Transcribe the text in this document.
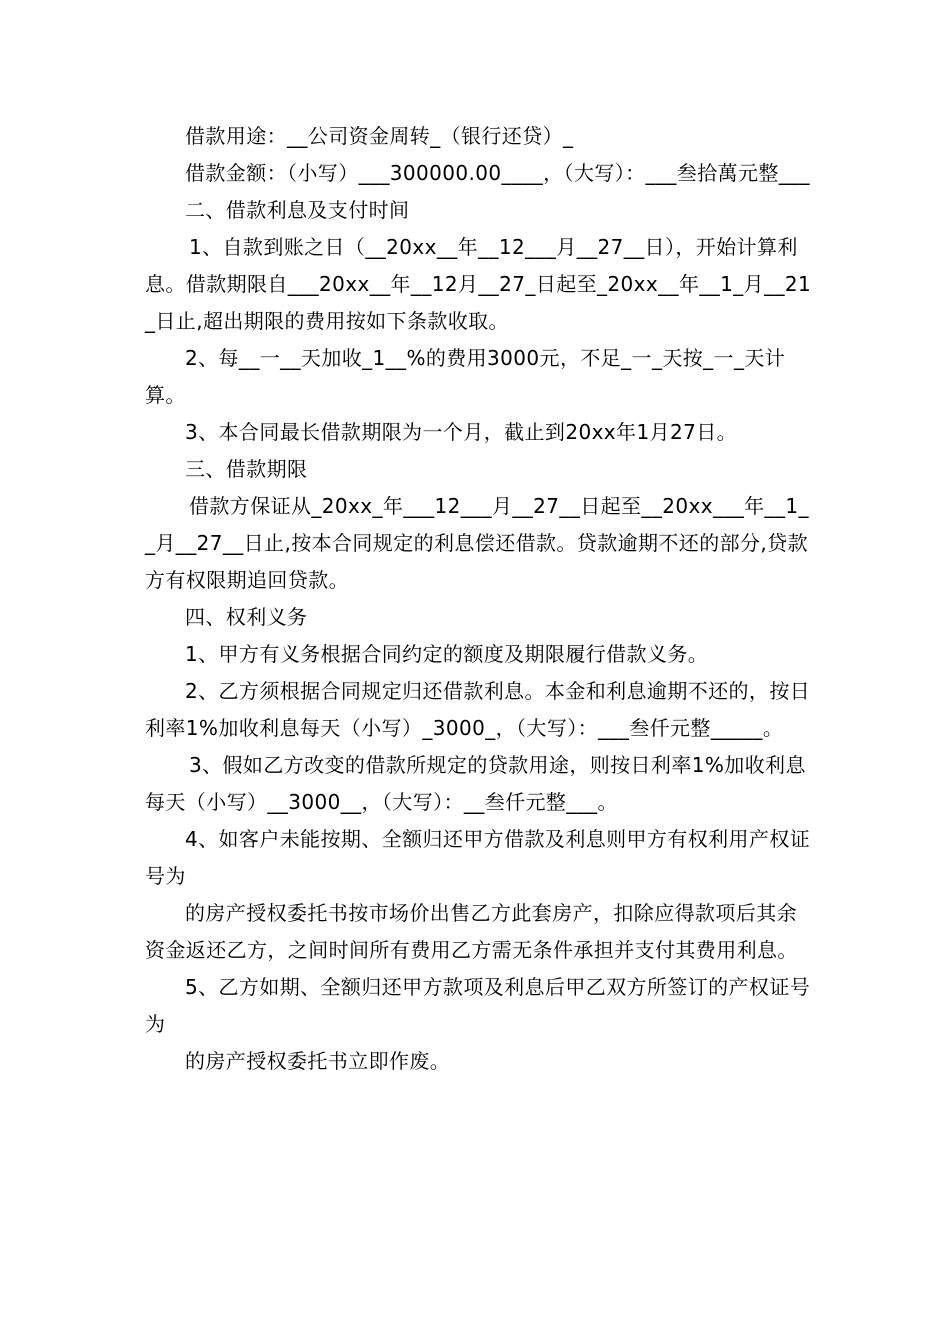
借款用途：__公司资金周转_（银行还贷）_

借款金额：（小写）___300000.00____，（大写）：___叁拾萬元整___

二、借款利息及支付时间

1、自款到账之日（__20xx__年__12___月__27__日），开始计算利息。借款期限自___20xx__年__12月__27_日起至_20xx__年__1_月__21_日止,超出期限的费用按如下条款收取。

2、每__一__天加收_1__%的费用3000元，不足_一_天按_一_天计算。

3、本合同最长借款期限为一个月，截止到20xx年1月27日。

三、借款期限

借款方保证从_20xx_年___12___月__27__日起至__20xx___年__1__月__27__日止,按本合同规定的利息偿还借款。贷款逾期不还的部分,贷款方有权限期追回贷款。

四、权利义务

1、甲方有义务根据合同约定的额度及期限履行借款义务。

2、乙方须根据合同规定归还借款利息。本金和利息逾期不还的，按日利率1%加收利息每天（小写）_3000_，（大写）：___叁仟元整_____。

3、假如乙方改变的借款所规定的贷款用途，则按日利率1%加收利息每天（小写）__3000__，（大写）：__叁仟元整___。

4、如客户未能按期、全额归还甲方借款及利息则甲方有权利用产权证号为

的房产授权委托书按市场价出售乙方此套房产，扣除应得款项后其余资金返还乙方，之间时间所有费用乙方需无条件承担并支付其费用利息。

5、乙方如期、全额归还甲方款项及利息后甲乙双方所签订的产权证号为

的房产授权委托书立即作废。
